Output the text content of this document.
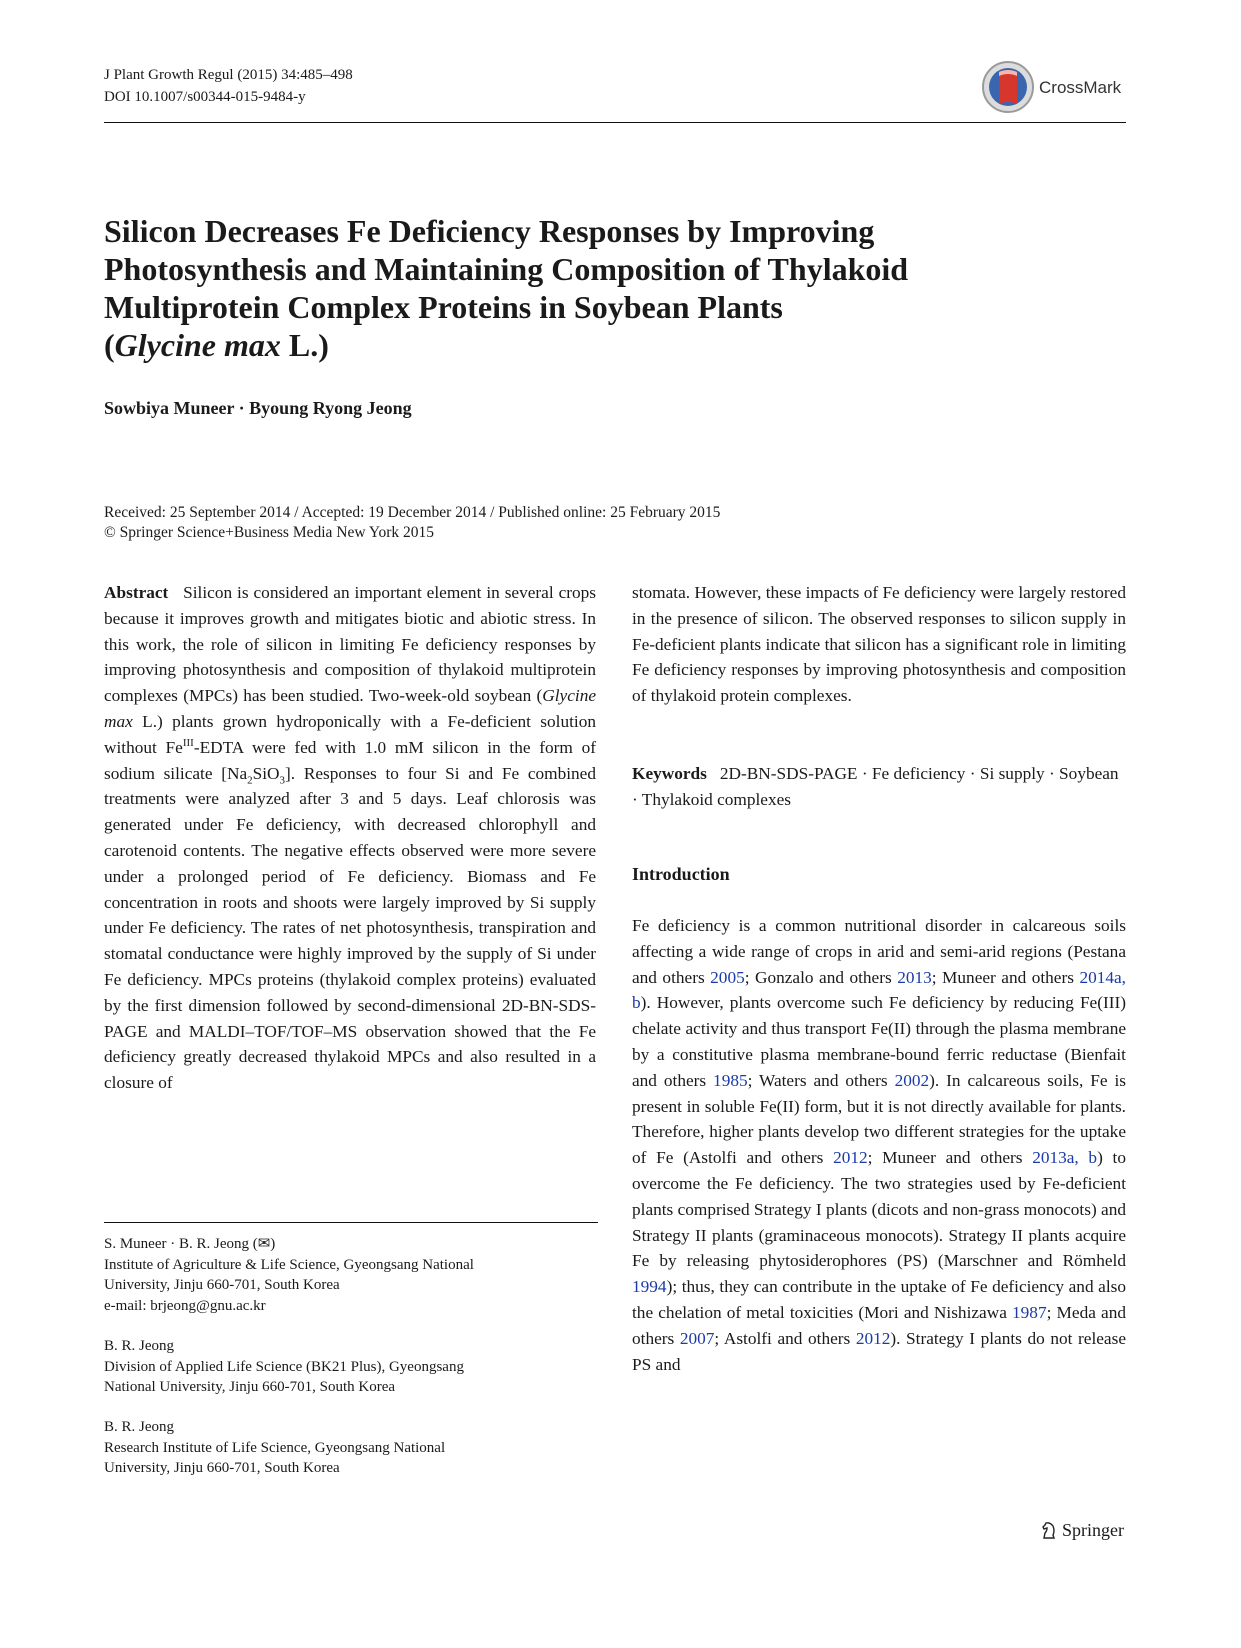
J Plant Growth Regul (2015) 34:485–498
DOI 10.1007/s00344-015-9484-y	CrossMark
Silicon Decreases Fe Deficiency Responses by Improving
Photosynthesis and Maintaining Composition of Thylakoid
Multiprotein Complex Proteins in Soybean Plants
(Glycine max L.)
Sowbiya Muneer · Byoung Ryong Jeong
Received: 25 September 2014 / Accepted: 19 December 2014 / Published online: 25 February 2015
© Springer Science+Business Media New York 2015

Abstract Silicon is considered an important element in several crops because it improves growth and mitigates biotic and abiotic stress. In this work, the role of silicon in limiting Fe deficiency responses by improving photosynthesis and composition of thylakoid multiprotein complexes (MPCs) has been studied. Two-week-old soybean (Glycine max L.) plants grown hydroponically with a Fe-deficient solution without $Fe^{III}$-EDTA were fed with 1.0 mM silicon in the form of sodium silicate $[Na_2SiO_3]$. Responses to four Si and Fe combined treatments were analyzed after 3 and 5 days. Leaf chlorosis was generated under Fe deficiency, with decreased chlorophyll and carotenoid contents. The negative effects observed were more severe under a prolonged period of Fe deficiency. Biomass and Fe concentration in roots and shoots were largely improved by Si supply under Fe deficiency. The rates of net photosynthesis, transpiration and stomatal conductance were highly improved by the supply of Si under Fe deficiency. MPCs proteins (thylakoid complex proteins) evaluated by the first dimension followed by second-dimensional 2D-BN-SDS-PAGE and MALDI–TOF/TOF–MS observation showed that the Fe deficiency greatly decreased thylakoid MPCs and also resulted in a closure of

stomata. However, these impacts of Fe deficiency were largely restored in the presence of silicon. The observed responses to silicon supply in Fe-deficient plants indicate that silicon has a significant role in limiting Fe deficiency responses by improving photosynthesis and composition of thylakoid protein complexes.

Keywords 2D-BN-SDS-PAGE · Fe deficiency · Si supply · Soybean · Thylakoid complexes

Introduction

Fe deficiency is a common nutritional disorder in calcareous soils affecting a wide range of crops in arid and semi-arid regions (Pestana and others 2005; Gonzalo and others 2013; Muneer and others 2014a, b). However, plants overcome such Fe deficiency by reducing Fe(III) chelate activity and thus transport Fe(II) through the plasma membrane by a constitutive plasma membrane-bound ferric reductase (Bienfait and others 1985; Waters and others 2002). In calcareous soils, Fe is present in soluble Fe(II) form, but it is not directly available for plants. Therefore, higher plants develop two different strategies for the uptake of Fe (Astolfi and others 2012; Muneer and others 2013a, b) to overcome the Fe deficiency. The two strategies used by Fe-deficient plants comprised Strategy I plants (dicots and non-grass monocots) and Strategy II plants (graminaceous monocots). Strategy II plants acquire Fe by releasing phytosiderophores (PS) (Marschner and Römheld 1994); thus, they can contribute in the uptake of Fe deficiency and also the chelation of metal toxicities (Mori and Nishizawa 1987; Meda and others 2007; Astolfi and others 2012). Strategy I plants do not release PS and

S. Muneer · B. R. Jeong (✉)
Institute of Agriculture & Life Science, Gyeongsang National
University, Jinju 660-701, South Korea
e-mail: brjeong@gnu.ac.kr
B. R. Jeong
Division of Applied Life Science (BK21 Plus), Gyeongsang
National University, Jinju 660-701, South Korea
B. R. Jeong
Research Institute of Life Science, Gyeongsang National
University, Jinju 660-701, South Korea
Springer
